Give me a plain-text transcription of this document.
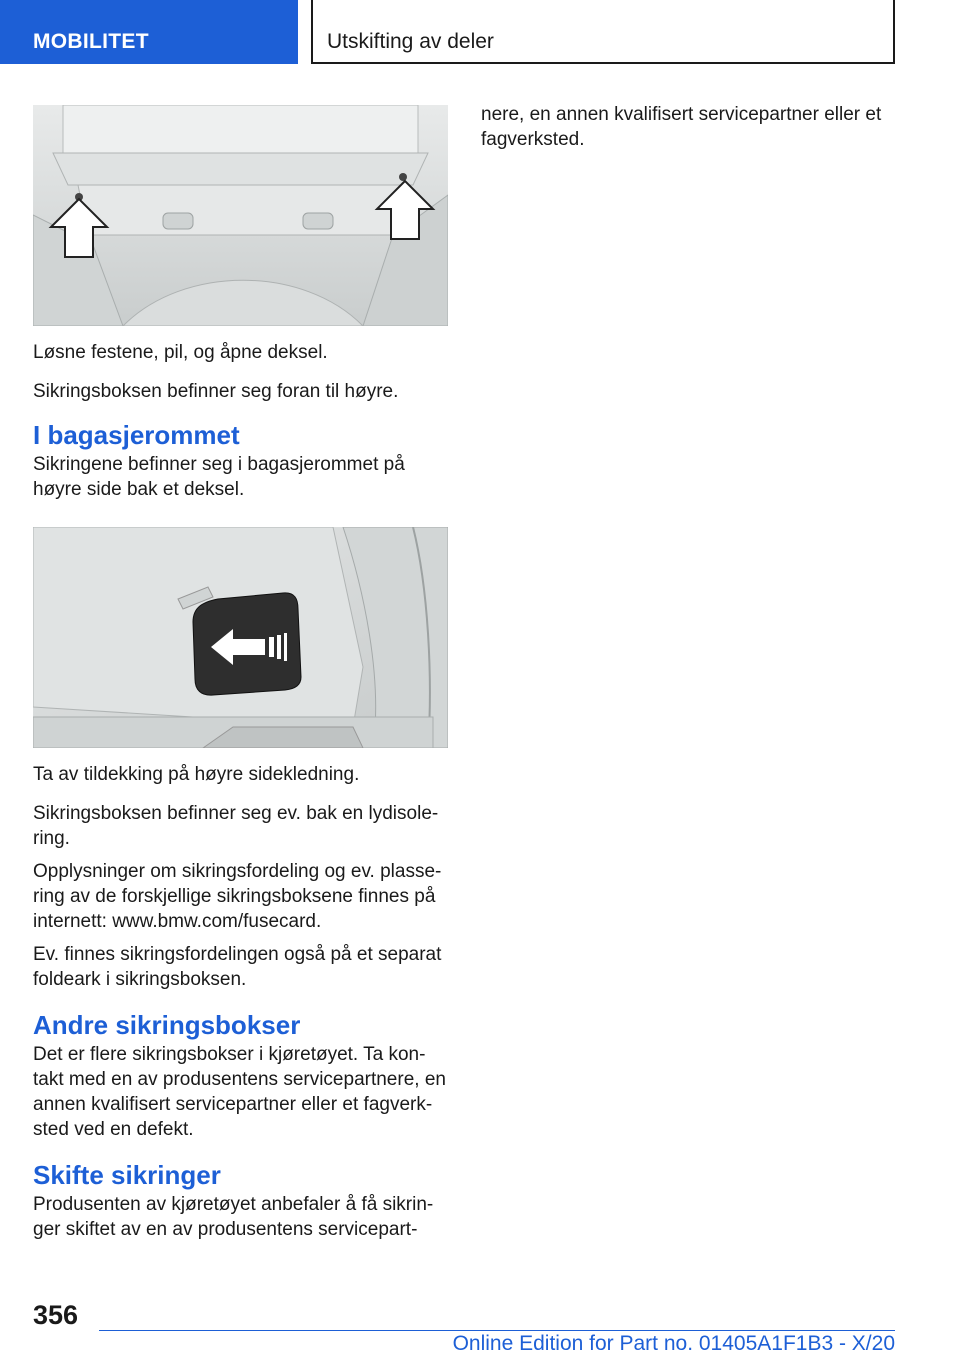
MOBILITET	Utskifting av deler

Løsne festene, pil, og åpne deksel.

Sikringsboksen befinner seg foran til høyre.

I bagasjerommet

Sikringene befinner seg i bagasjerommet på høyre side bak et deksel.

Ta av tildekking på høyre sidekledning.

Sikringsboksen befinner seg ev. bak en lydisolering.

Opplysninger om sikringsfordeling og ev. plassering av de forskjellige sikringsboksene finnes på internett: www.bmw.com/fusecard.

Ev. finnes sikringsfordelingen også på et separat foldeark i sikringsboksen.

Andre sikringsbokser

Det er flere sikringsbokser i kjøretøyet. Ta kontakt med en av produsentens servicepartnere, en annen kvalifisert servicepartner eller et fagverksted ved en defekt.

Skifte sikringer

Produsenten av kjøretøyet anbefaler å få sikringer skiftet av en av produsentens servicepart-

nere, en annen kvalifisert servicepartner eller et fagverksted.

356
Online Edition for Part no. 01405A1F1B3 - X/20
